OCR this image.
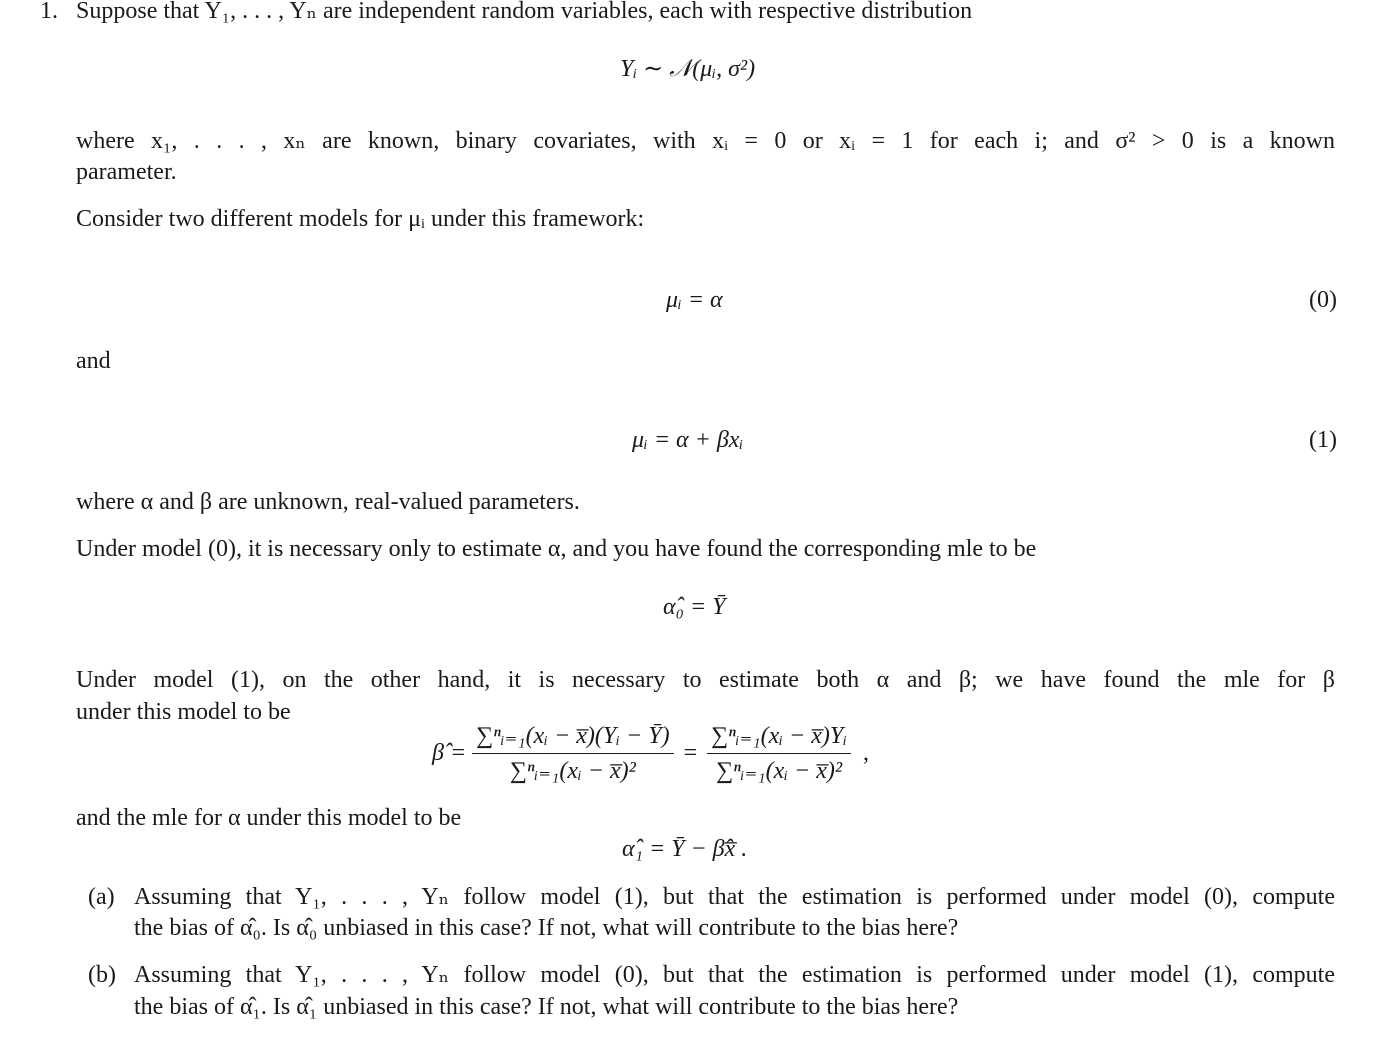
1. Suppose that Y₁, . . . , Yₙ are independent random variables, each with respective distribution
Yᵢ ∼ 𝒩(μᵢ, σ²)
where x₁, . . . , xₙ are known, binary covariates, with xᵢ = 0 or xᵢ = 1 for each i; and σ² > 0 is a known
parameter.
Consider two different models for μᵢ under this framework:
μᵢ = α	(0)
and
μᵢ = α + βxᵢ	(1)
where α and β are unknown, real-valued parameters.
Under model (0), it is necessary only to estimate α, and you have found the corresponding mle to be
α̂₀ = Ȳ
Under model (1), on the other hand, it is necessary to estimate both α and β; we have found the mle for β
under this model to be
β̂ = $\frac{\text{∑ⁿᵢ₌₁(xᵢ − x̅)(Yᵢ − Ȳ)}}{\text{∑ⁿᵢ₌₁(xᵢ − x̅)²}} = \frac{\text{∑ⁿᵢ₌₁(xᵢ − x̅)Yᵢ}}{\text{∑ⁿᵢ₌₁(xᵢ − x̅)²}}$ ,
and the mle for α under this model to be
α̂₁ = Ȳ − β̂x̅ .
(a) Assuming that Y₁, . . . , Yₙ follow model (1), but that the estimation is performed under model (0), compute
the bias of α̂₀. Is α̂₀ unbiased in this case? If not, what will contribute to the bias here?
(b) Assuming that Y₁, . . . , Yₙ follow model (0), but that the estimation is performed under model (1), compute
the bias of α̂₁. Is α̂₁ unbiased in this case? If not, what will contribute to the bias here?
